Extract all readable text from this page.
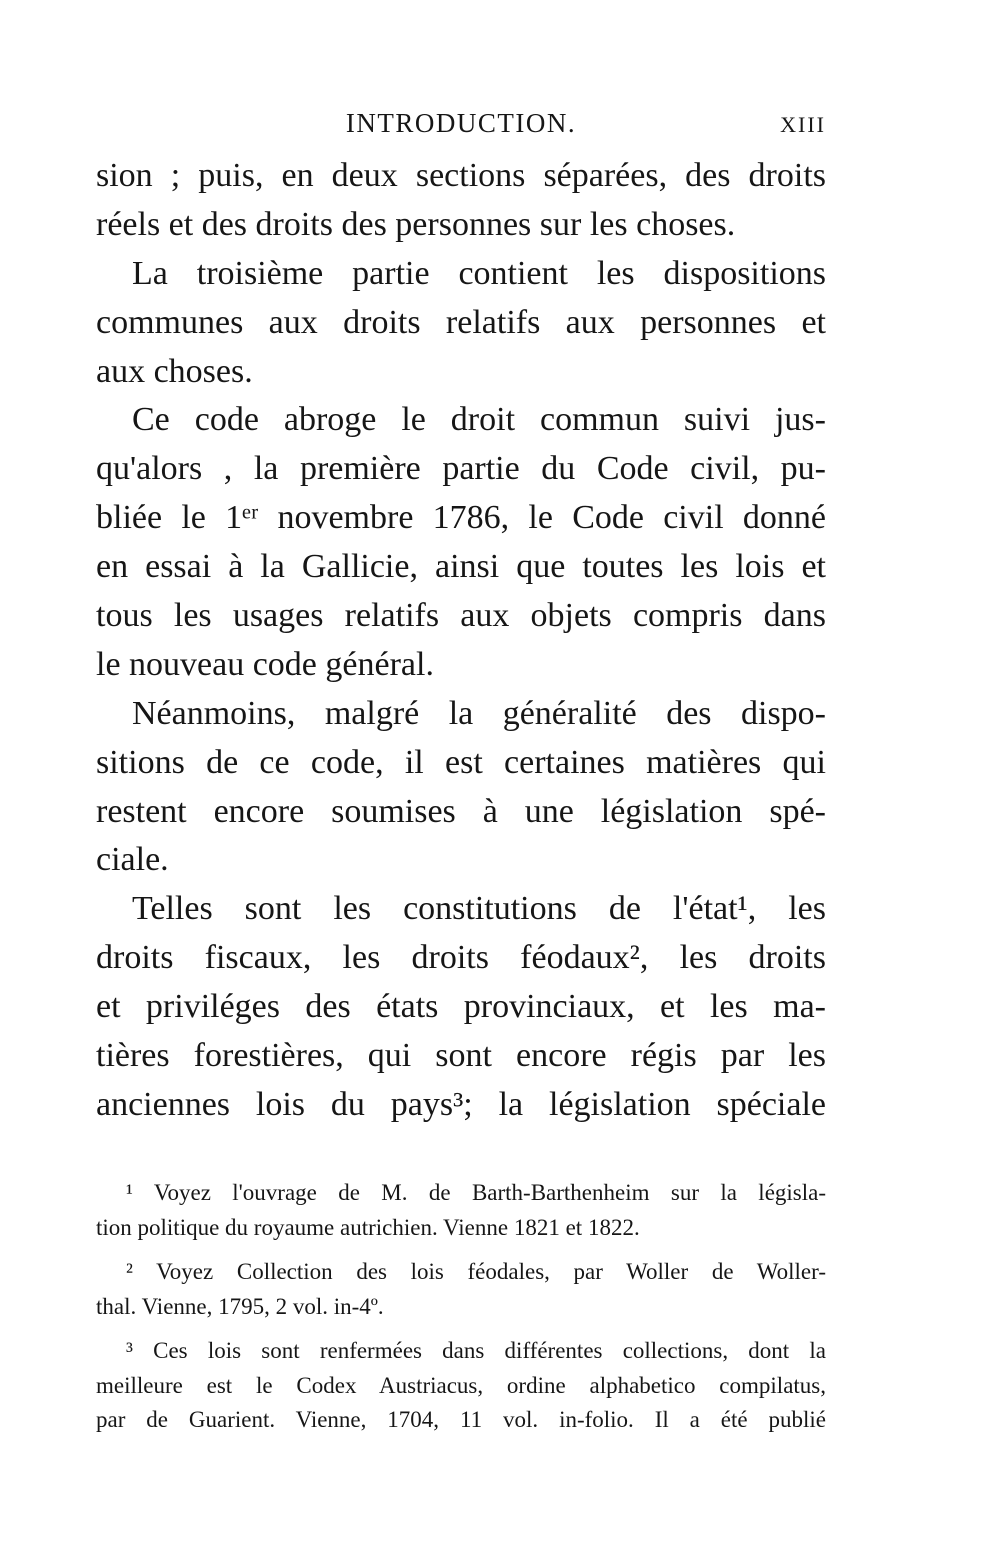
INTRODUCTION.	XIII
sion ; puis, en deux sections séparées, des droits
réels et des droits des personnes sur les choses.
La troisième partie contient les dispositions
communes aux droits relatifs aux personnes et
aux choses.
Ce code abroge le droit commun suivi jus-
qu'alors , la première partie du Code civil, pu-
bliée le 1ᵉʳ novembre 1786, le Code civil donné
en essai à la Gallicie, ainsi que toutes les lois et
tous les usages relatifs aux objets compris dans
le nouveau code général.
Néanmoins, malgré la généralité des dispo-
sitions de ce code, il est certaines matières qui
restent encore soumises à une législation spé-
ciale.
Telles sont les constitutions de l'état¹, les
droits fiscaux, les droits féodaux², les droits
et priviléges des états provinciaux, et les ma-
tières forestières, qui sont encore régis par les
anciennes lois du pays³; la législation spéciale
¹ Voyez l'ouvrage de M. de Barth-Barthenheim sur la législa-
tion politique du royaume autrichien. Vienne 1821 et 1822.
² Voyez Collection des lois féodales, par Woller de Woller-
thal. Vienne, 1795, 2 vol. in-4º.
³ Ces lois sont renfermées dans différentes collections, dont la
meilleure est le Codex Austriacus, ordine alphabetico compilatus,
par de Guarient. Vienne, 1704, 11 vol. in-folio. Il a été publié
